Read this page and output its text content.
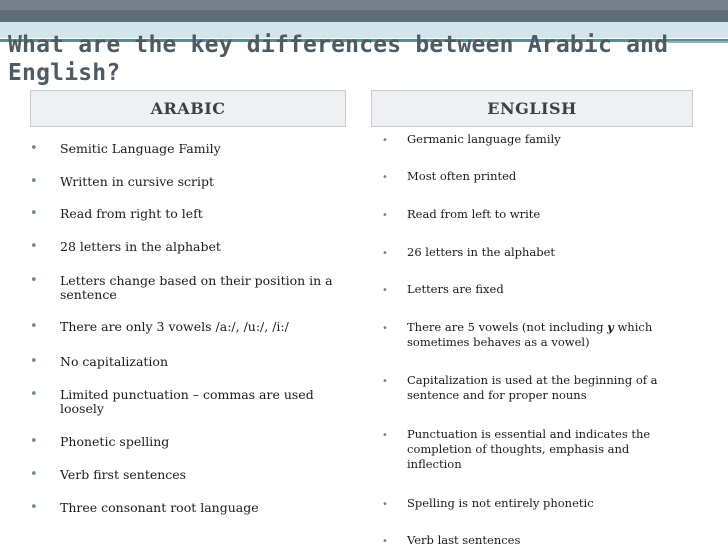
What are the key differences between Arabic and English?
ARABIC	ENGLISH
•	Semitic Language Family
•	Written in cursive script
•	Read from right to left
•	28 letters in the alphabet
•	Letters change based on their position in a sentence
•	There are only 3 vowels /a:/, /u:/, /i:/
•	No capitalization
•	Limited punctuation – commas are used loosely
•	Phonetic spelling
•	Verb first sentences
•	Three consonant root language
•	Germanic language family
•	Most often printed
•	Read from left to write
•	26 letters in the alphabet
•	Letters are fixed
•	There are 5 vowels (not including y which sometimes behaves as a vowel)
•	Capitalization is used at the beginning of a sentence and for proper nouns
•	Punctuation is essential and indicates the completion of thoughts, emphasis and inflection
•	Spelling is not entirely phonetic
•	Verb last sentences
